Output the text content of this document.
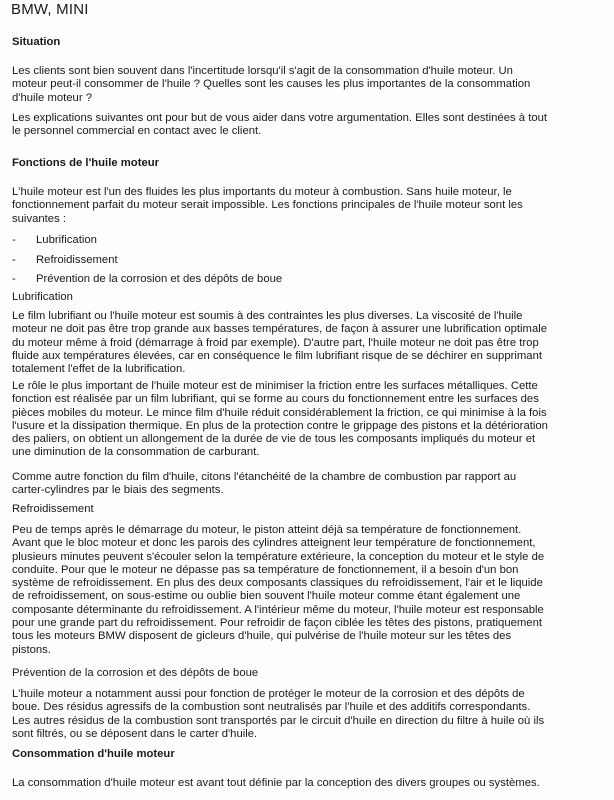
BMW, MINI

Situation

Les clients sont bien souvent dans l'incertitude lorsqu'il s'agit de la consommation d'huile moteur. Un
moteur peut-il consommer de l'huile ? Quelles sont les causes les plus importantes de la consommation
d'huile moteur ?

Les explications suivantes ont pour but de vous aider dans votre argumentation. Elles sont destinées à tout
le personnel commercial en contact avec le client.

Fonctions de l'huile moteur

L'huile moteur est l'un des fluides les plus importants du moteur à combustion. Sans huile moteur, le
fonctionnement parfait du moteur serait impossible. Les fonctions principales de l'huile moteur sont les
suivantes :

- Lubrification
- Refroidissement
- Prévention de la corrosion et des dépôts de boue

Lubrification

Le film lubrifiant ou l'huile moteur est soumis à des contraintes les plus diverses. La viscosité de l'huile
moteur ne doit pas être trop grande aux basses températures, de façon à assurer une lubrification optimale
du moteur même à froid (démarrage à froid par exemple). D'autre part, l'huile moteur ne doit pas être trop
fluide aux températures élevées, car en conséquence le film lubrifiant risque de se déchirer en supprimant
totalement l'effet de la lubrification.

Le rôle le plus important de l'huile moteur est de minimiser la friction entre les surfaces métalliques. Cette
fonction est réalisée par un film lubrifiant, qui se forme au cours du fonctionnement entre les surfaces des
pièces mobiles du moteur. Le mince film d'huile réduit considérablement la friction, ce qui minimise à la fois
l'usure et la dissipation thermique. En plus de la protection contre le grippage des pistons et la détérioration
des paliers, on obtient un allongement de la durée de vie de tous les composants impliqués du moteur et
une diminution de la consommation de carburant.

Comme autre fonction du film d'huile, citons l'étanchéité de la chambre de combustion par rapport au
carter-cylindres par le biais des segments.

Refroidissement

Peu de temps après le démarrage du moteur, le piston atteint déjà sa température de fonctionnement.
Avant que le bloc moteur et donc les parois des cylindres atteignent leur température de fonctionnement,
plusieurs minutes peuvent s'écouler selon la température extérieure, la conception du moteur et le style de
conduite. Pour que le moteur ne dépasse pas sa température de fonctionnement, il a besoin d'un bon
système de refroidissement. En plus des deux composants classiques du refroidissement, l'air et le liquide
de refroidissement, on sous-estime ou oublie bien souvent l'huile moteur comme étant également une
composante déterminante du refroidissement. A l'intérieur même du moteur, l'huile moteur est responsable
pour une grande part du refroidissement. Pour refroidir de façon ciblée les têtes des pistons, pratiquement
tous les moteurs BMW disposent de gicleurs d'huile, qui pulvérise de l'huile moteur sur les têtes des
pistons.

Prévention de la corrosion et des dépôts de boue

L'huile moteur a notamment aussi pour fonction de protéger le moteur de la corrosion et des dépôts de
boue. Des résidus agressifs de la combustion sont neutralisés par l'huile et des additifs correspondants.
Les autres résidus de la combustion sont transportés par le circuit d'huile en direction du filtre à huile où ils
sont filtrés, ou se déposent dans le carter d'huile.

Consommation d'huile moteur

La consommation d'huile moteur est avant tout définie par la conception des divers groupes ou systèmes.
